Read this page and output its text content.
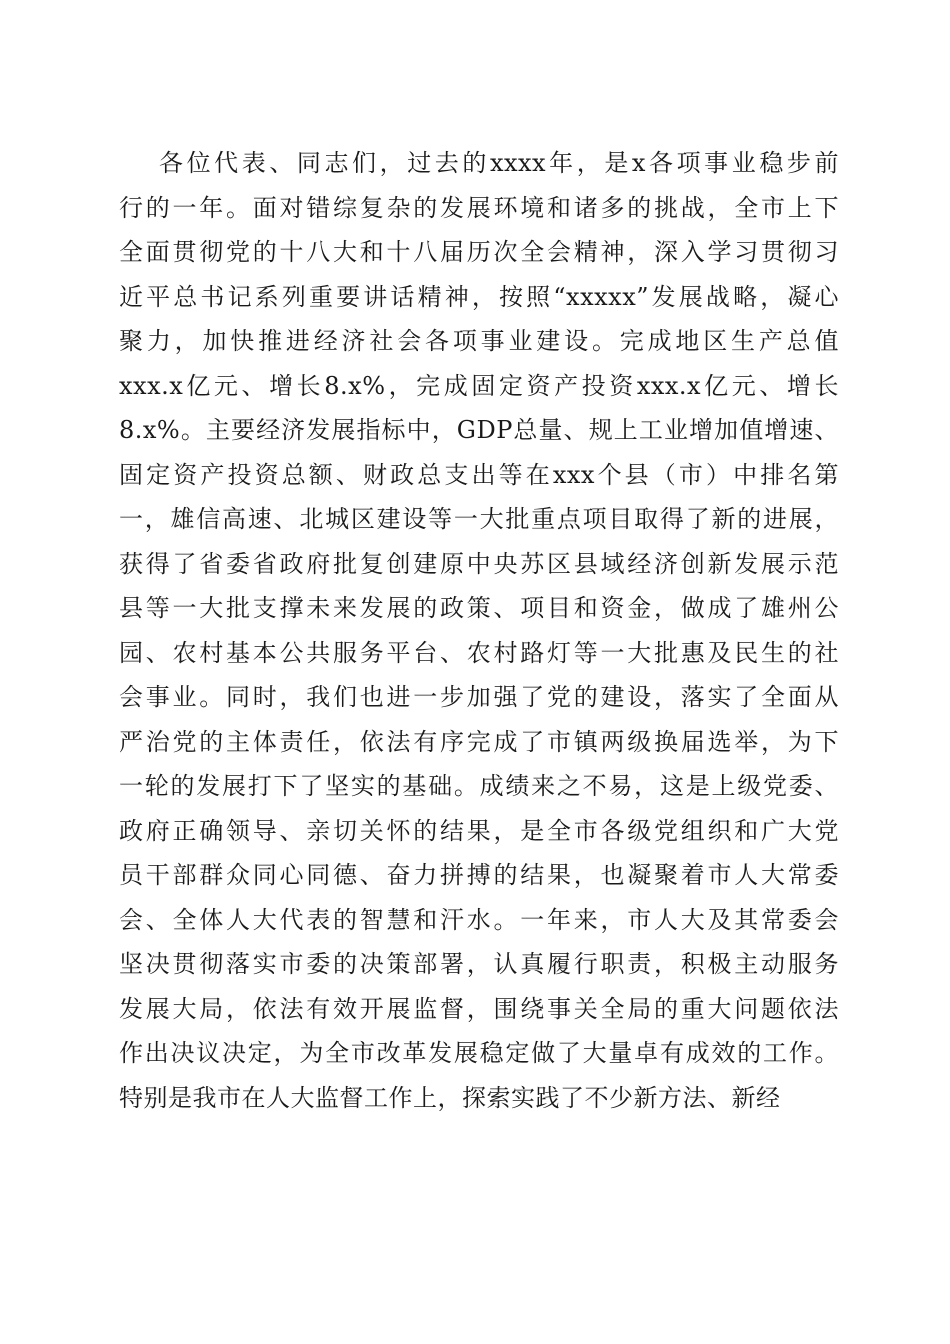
各位代表、同志们，过去的xxxx年，是x各项事业稳步前
行的一年。面对错综复杂的发展环境和诸多的挑战，全市上下
全面贯彻党的十八大和十八届历次全会精神，深入学习贯彻习
近平总书记系列重要讲话精神，按照“xxxxx”发展战略，凝心
聚力，加快推进经济社会各项事业建设。完成地区生产总值
xxx.x亿元、增长8.x%，完成固定资产投资xxx.x亿元、增长
8.x%。主要经济发展指标中，GDP总量、规上工业增加值增速、
固定资产投资总额、财政总支出等在xxx个县（市）中排名第
一，雄信高速、北城区建设等一大批重点项目取得了新的进展，
获得了省委省政府批复创建原中央苏区县域经济创新发展示范
县等一大批支撑未来发展的政策、项目和资金，做成了雄州公
园、农村基本公共服务平台、农村路灯等一大批惠及民生的社
会事业。同时，我们也进一步加强了党的建设，落实了全面从
严治党的主体责任，依法有序完成了市镇两级换届选举，为下
一轮的发展打下了坚实的基础。成绩来之不易，这是上级党委、
政府正确领导、亲切关怀的结果，是全市各级党组织和广大党
员干部群众同心同德、奋力拼搏的结果，也凝聚着市人大常委
会、全体人大代表的智慧和汗水。一年来，市人大及其常委会
坚决贯彻落实市委的决策部署，认真履行职责，积极主动服务
发展大局，依法有效开展监督，围绕事关全局的重大问题依法
作出决议决定，为全市改革发展稳定做了大量卓有成效的工作。
特别是我市在人大监督工作上，探索实践了不少新方法、新经
